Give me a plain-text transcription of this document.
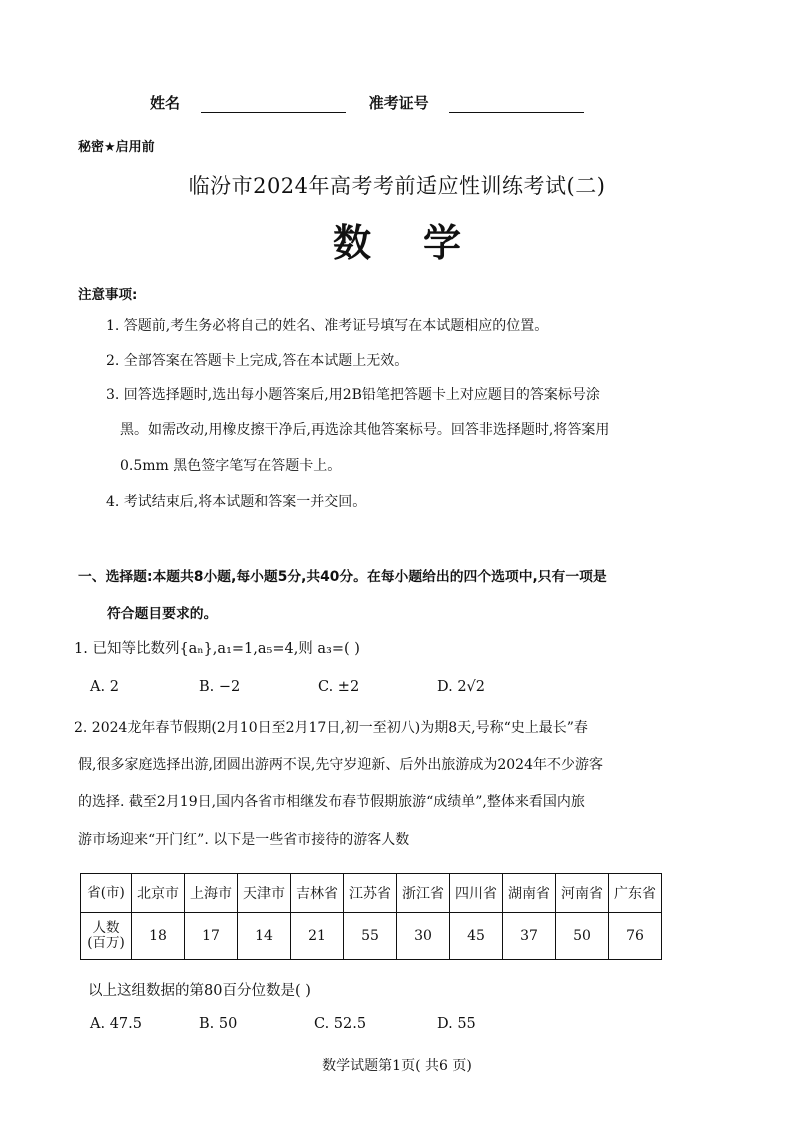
姓名	准考证号
秘密★启用前
临汾市2024年高考考前适应性训练考试(二)
数学
注意事项:
1. 答题前,考生务必将自己的姓名、准考证号填写在本试题相应的位置。
2. 全部答案在答题卡上完成,答在本试题上无效。
3. 回答选择题时,选出每小题答案后,用2B铅笔把答题卡上对应题目的答案标号涂
黑。如需改动,用橡皮擦干净后,再选涂其他答案标号。回答非选择题时,将答案用
0.5mm 黑色签字笔写在答题卡上。
4. 考试结束后,将本试题和答案一并交回。
一、选择题:本题共8小题,每小题5分,共40分。在每小题给出的四个选项中,只有一项是
符合题目要求的。
1. 已知等比数列{aₙ},a₁=1,a₅=4,则 a₃=( )
A. 2	B. −2	C. ±2	D. 2√2
2. 2024龙年春节假期(2月10日至2月17日,初一至初八)为期8天,号称“史上最长”春
假,很多家庭选择出游,团圆出游两不误,先守岁迎新、后外出旅游成为2024年不少游客
的选择. 截至2月19日,国内各省市相继发布春节假期旅游“成绩单”,整体来看国内旅
游市场迎来“开门红”. 以下是一些省市接待的游客人数
省(市)	北京市	上海市	天津市	吉林省	江苏省	浙江省	四川省	湖南省	河南省	广东省

人数
(百万)	18	17	14	21	55	30	45	37	50	76
以上这组数据的第80百分位数是( )
A. 47.5	B. 50	C. 52.5	D. 55
数学试题第1页( 共6 页)
